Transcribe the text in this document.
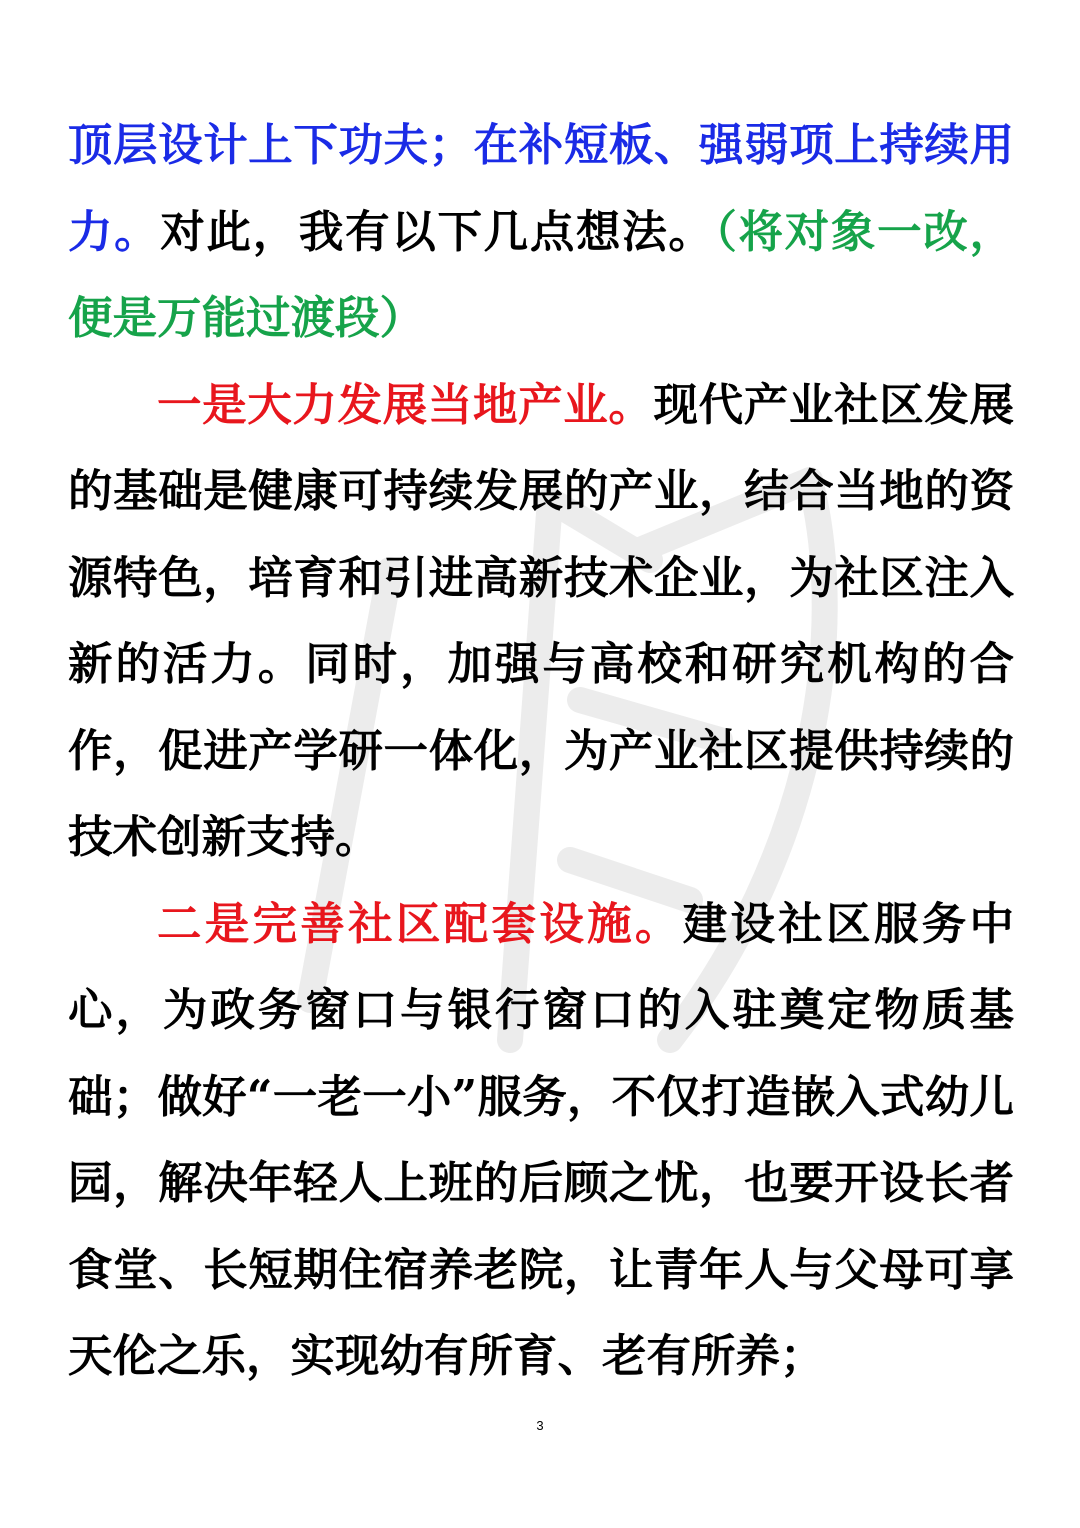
顶层设计上下功夫；在补短板、强弱项上持续用力。对此，我有以下几点想法。（将对象一改，便是万能过渡段）

一是大力发展当地产业。现代产业社区发展的基础是健康可持续发展的产业，结合当地的资源特色，培育和引进高新技术企业，为社区注入新的活力。同时，加强与高校和研究机构的合作，促进产学研一体化，为产业社区提供持续的技术创新支持。

二是完善社区配套设施。建设社区服务中心，为政务窗口与银行窗口的入驻奠定物质基础；做好“一老一小”服务，不仅打造嵌入式幼儿园，解决年轻人上班的后顾之忧，也要开设长者食堂、长短期住宿养老院，让青年人与父母可享天伦之乐，实现幼有所育、老有所养；

3
